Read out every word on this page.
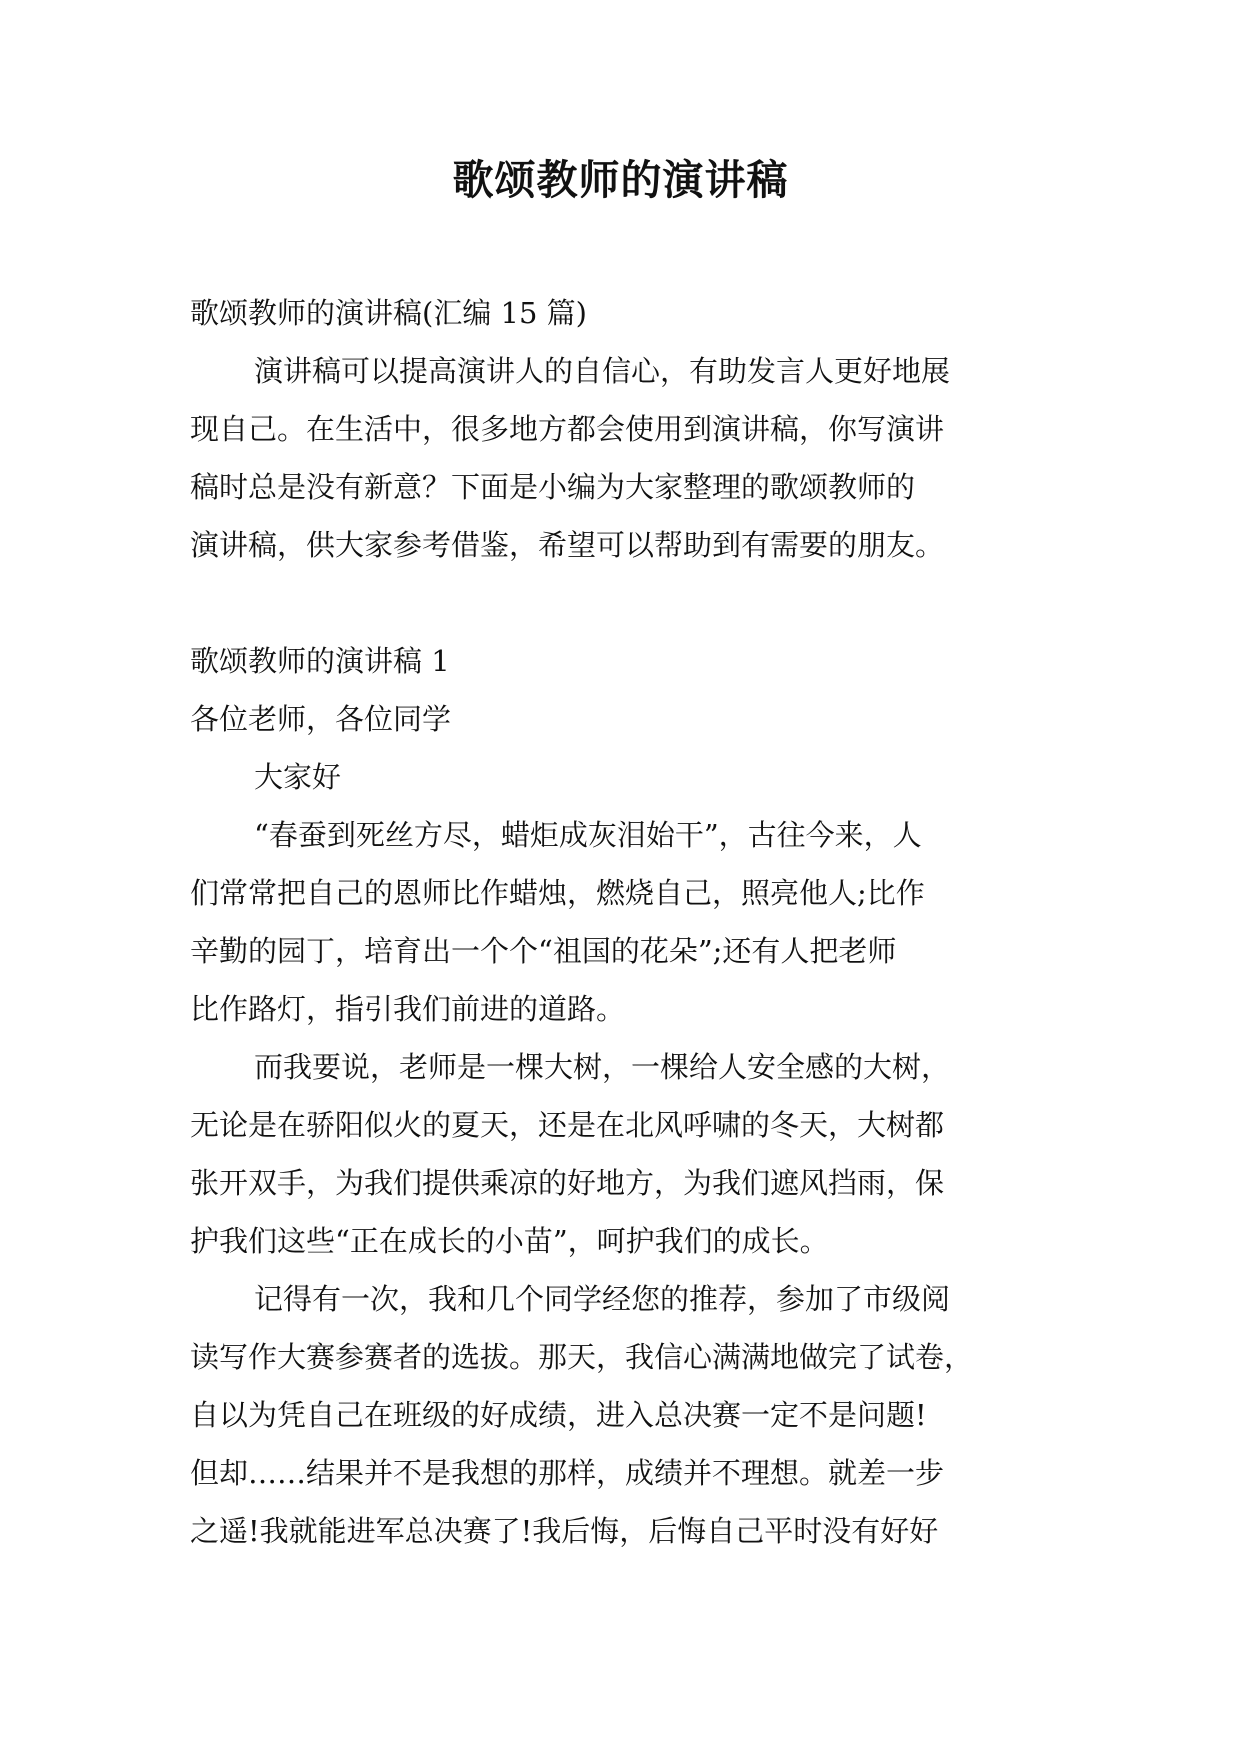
歌颂教师的演讲稿
歌颂教师的演讲稿(汇编 15 篇)
演讲稿可以提高演讲人的自信心，有助发言人更好地展
现自己。在生活中，很多地方都会使用到演讲稿，你写演讲
稿时总是没有新意？下面是小编为大家整理的歌颂教师的
演讲稿，供大家参考借鉴，希望可以帮助到有需要的朋友。
歌颂教师的演讲稿 1
各位老师，各位同学
大家好
“春蚕到死丝方尽，蜡炬成灰泪始干”，古往今来，人
们常常把自己的恩师比作蜡烛，燃烧自己，照亮他人;比作
辛勤的园丁，培育出一个个“祖国的花朵”;还有人把老师
比作路灯，指引我们前进的道路。
而我要说，老师是一棵大树，一棵给人安全感的大树，
无论是在骄阳似火的夏天，还是在北风呼啸的冬天，大树都
张开双手，为我们提供乘凉的好地方，为我们遮风挡雨，保
护我们这些“正在成长的小苗”，呵护我们的成长。
记得有一次，我和几个同学经您的推荐，参加了市级阅
读写作大赛参赛者的选拔。那天，我信心满满地做完了试卷，
自以为凭自己在班级的好成绩，进入总决赛一定不是问题!
但却……结果并不是我想的那样，成绩并不理想。就差一步
之遥!我就能进军总决赛了!我后悔，后悔自己平时没有好好
